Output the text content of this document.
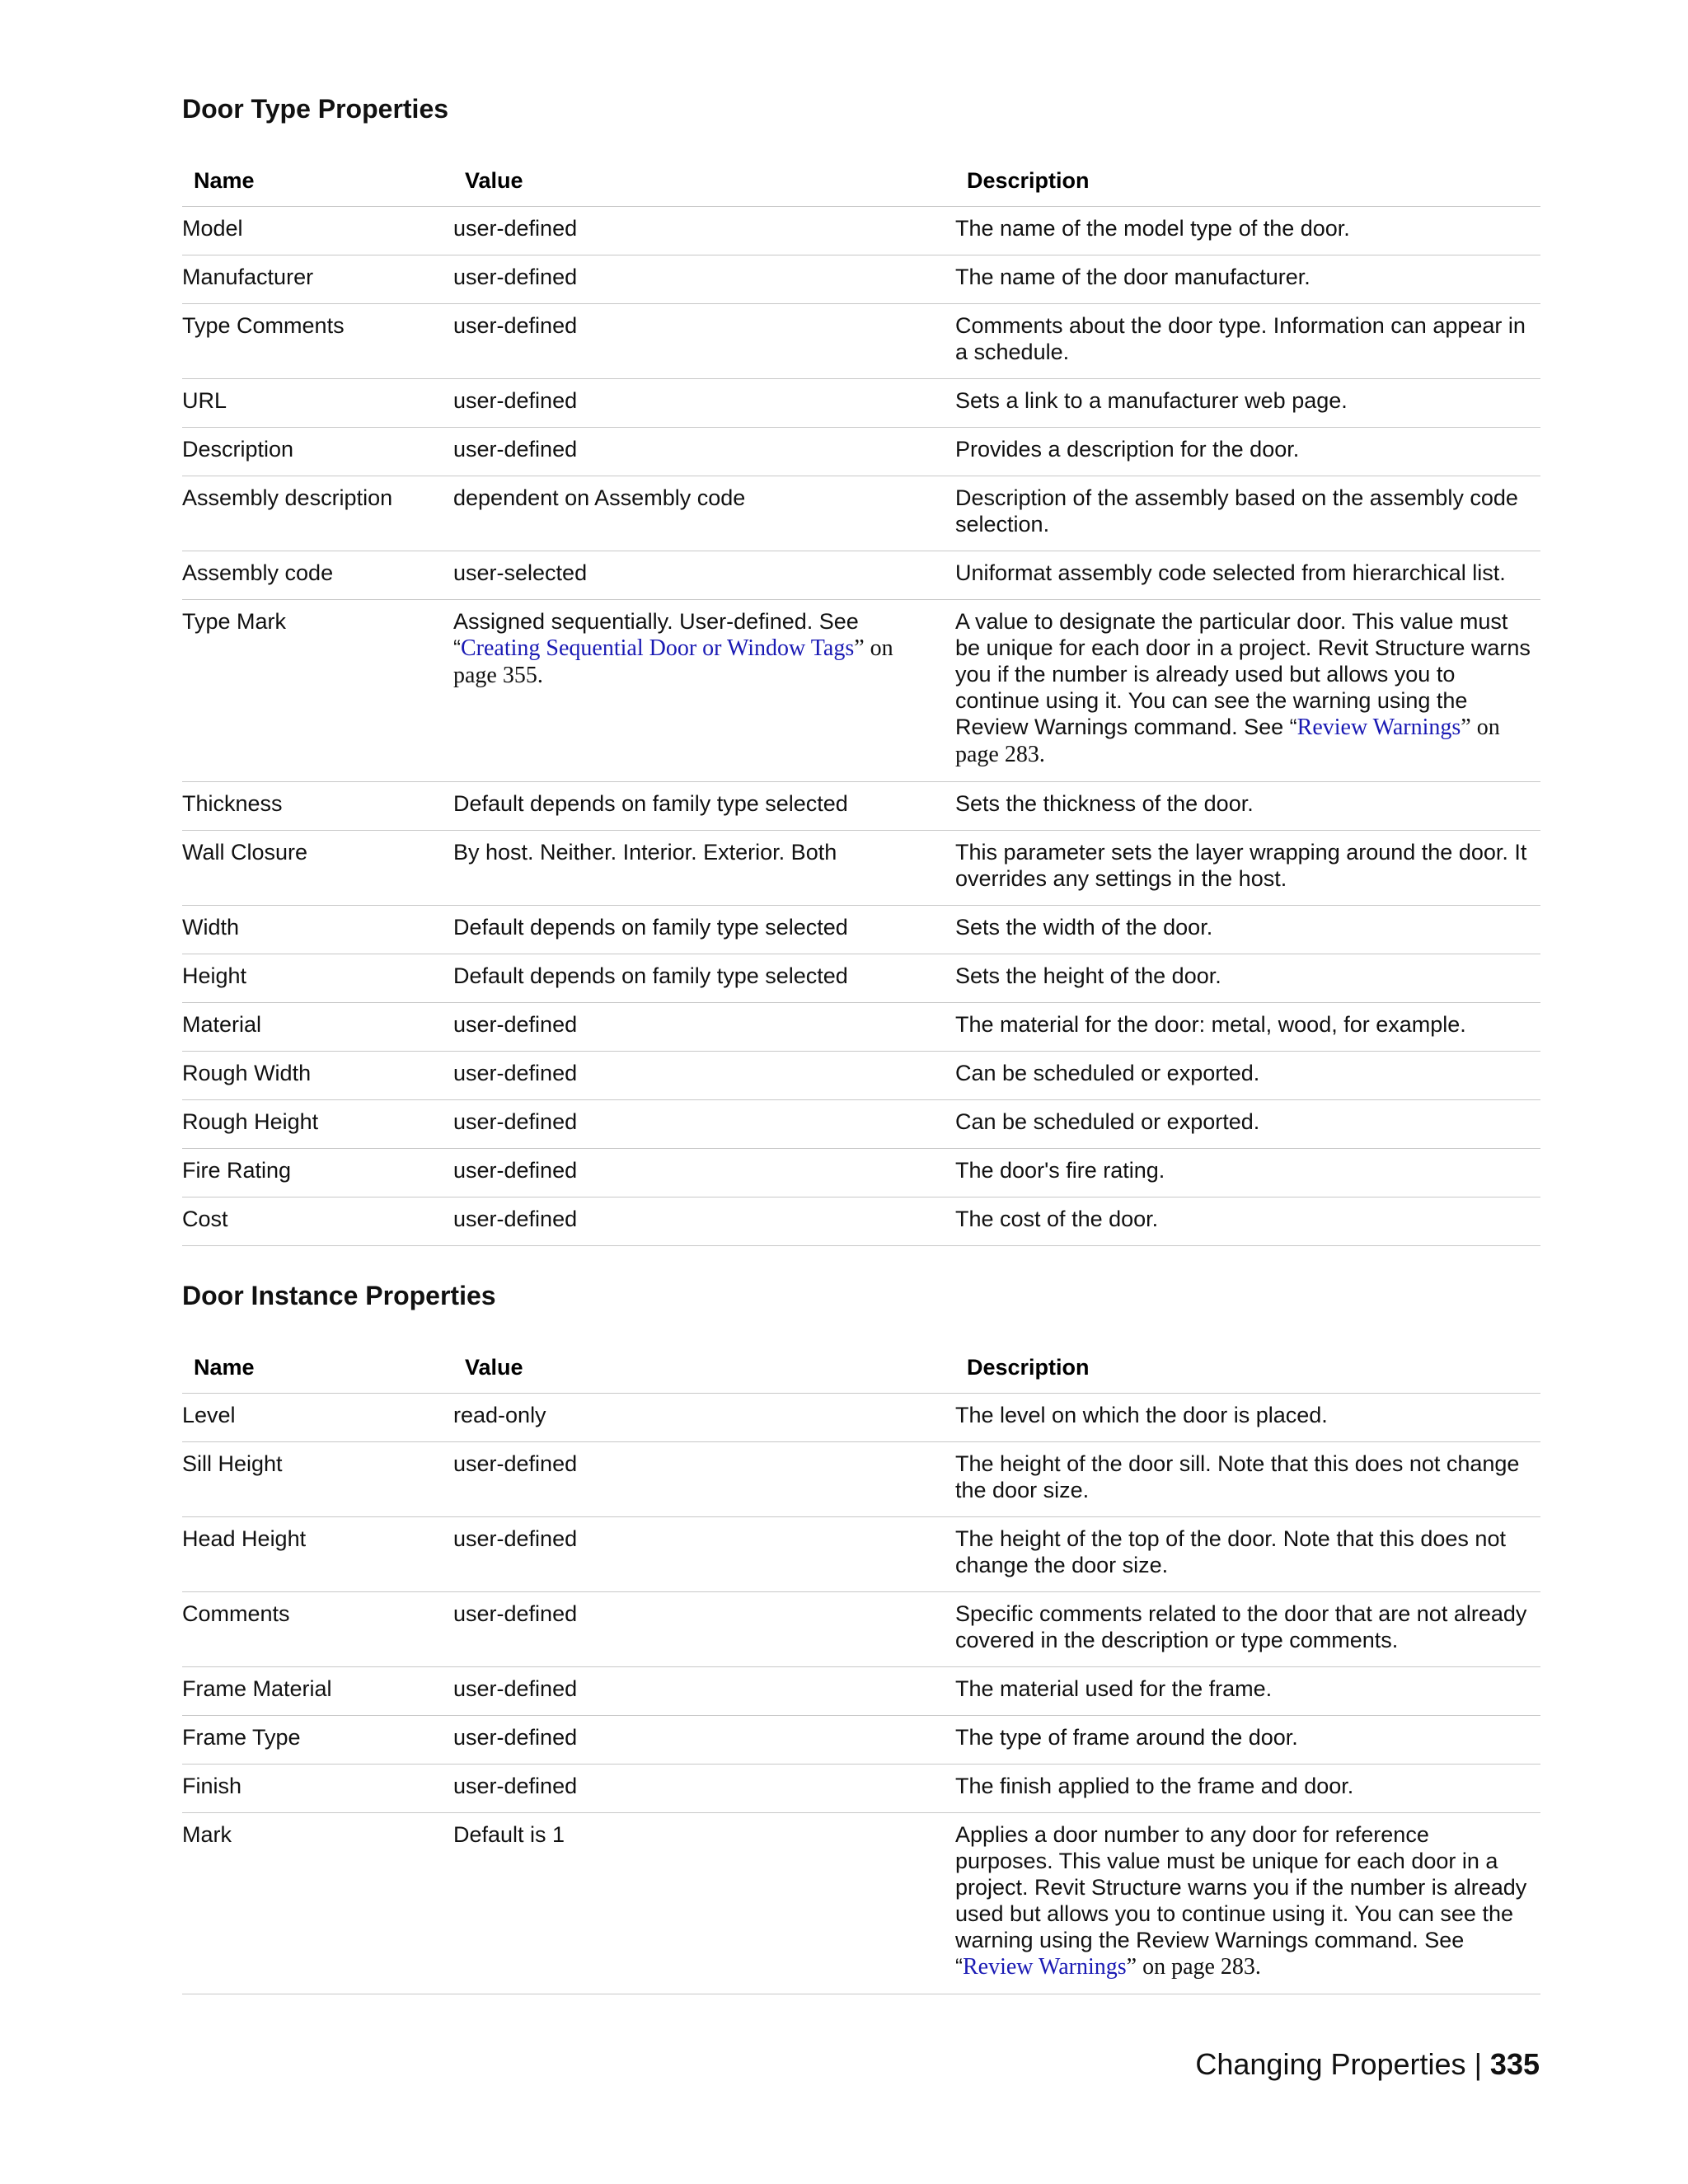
Door Type Properties
Name	Value	Description
Model	user-defined	The name of the model type of the door.
Manufacturer	user-defined	The name of the door manufacturer.
Type Comments	user-defined	Comments about the door type. Information can appear in a schedule.
URL	user-defined	Sets a link to a manufacturer web page.
Description	user-defined	Provides a description for the door.
Assembly description	dependent on Assembly code	Description of the assembly based on the assembly code selection.
Assembly code	user-selected	Uniformat assembly code selected from hierarchical list.
Type Mark	Assigned sequentially. User-defined. See “Creating Sequential Door or Window Tags” on page 355.	A value to designate the particular door. This value must be unique for each door in a project. Revit Structure warns you if the number is already used but allows you to continue using it. You can see the warning using the Review Warnings command. See “Review Warnings” on page 283.
Thickness	Default depends on family type selected	Sets the thickness of the door.
Wall Closure	By host. Neither. Interior. Exterior. Both	This parameter sets the layer wrapping around the door. It overrides any settings in the host.
Width	Default depends on family type selected	Sets the width of the door.
Height	Default depends on family type selected	Sets the height of the door.
Material	user-defined	The material for the door: metal, wood, for example.
Rough Width	user-defined	Can be scheduled or exported.
Rough Height	user-defined	Can be scheduled or exported.
Fire Rating	user-defined	The door's fire rating.
Cost	user-defined	The cost of the door.
Door Instance Properties
Name	Value	Description
Level	read-only	The level on which the door is placed.
Sill Height	user-defined	The height of the door sill. Note that this does not change the door size.
Head Height	user-defined	The height of the top of the door. Note that this does not change the door size.
Comments	user-defined	Specific comments related to the door that are not already covered in the description or type comments.
Frame Material	user-defined	The material used for the frame.
Frame Type	user-defined	The type of frame around the door.
Finish	user-defined	The finish applied to the frame and door.
Mark	Default is 1	Applies a door number to any door for reference purposes. This value must be unique for each door in a project. Revit Structure warns you if the number is already used but allows you to continue using it. You can see the warning using the Review Warnings command. See “Review Warnings” on page 283.
Changing Properties | 335
